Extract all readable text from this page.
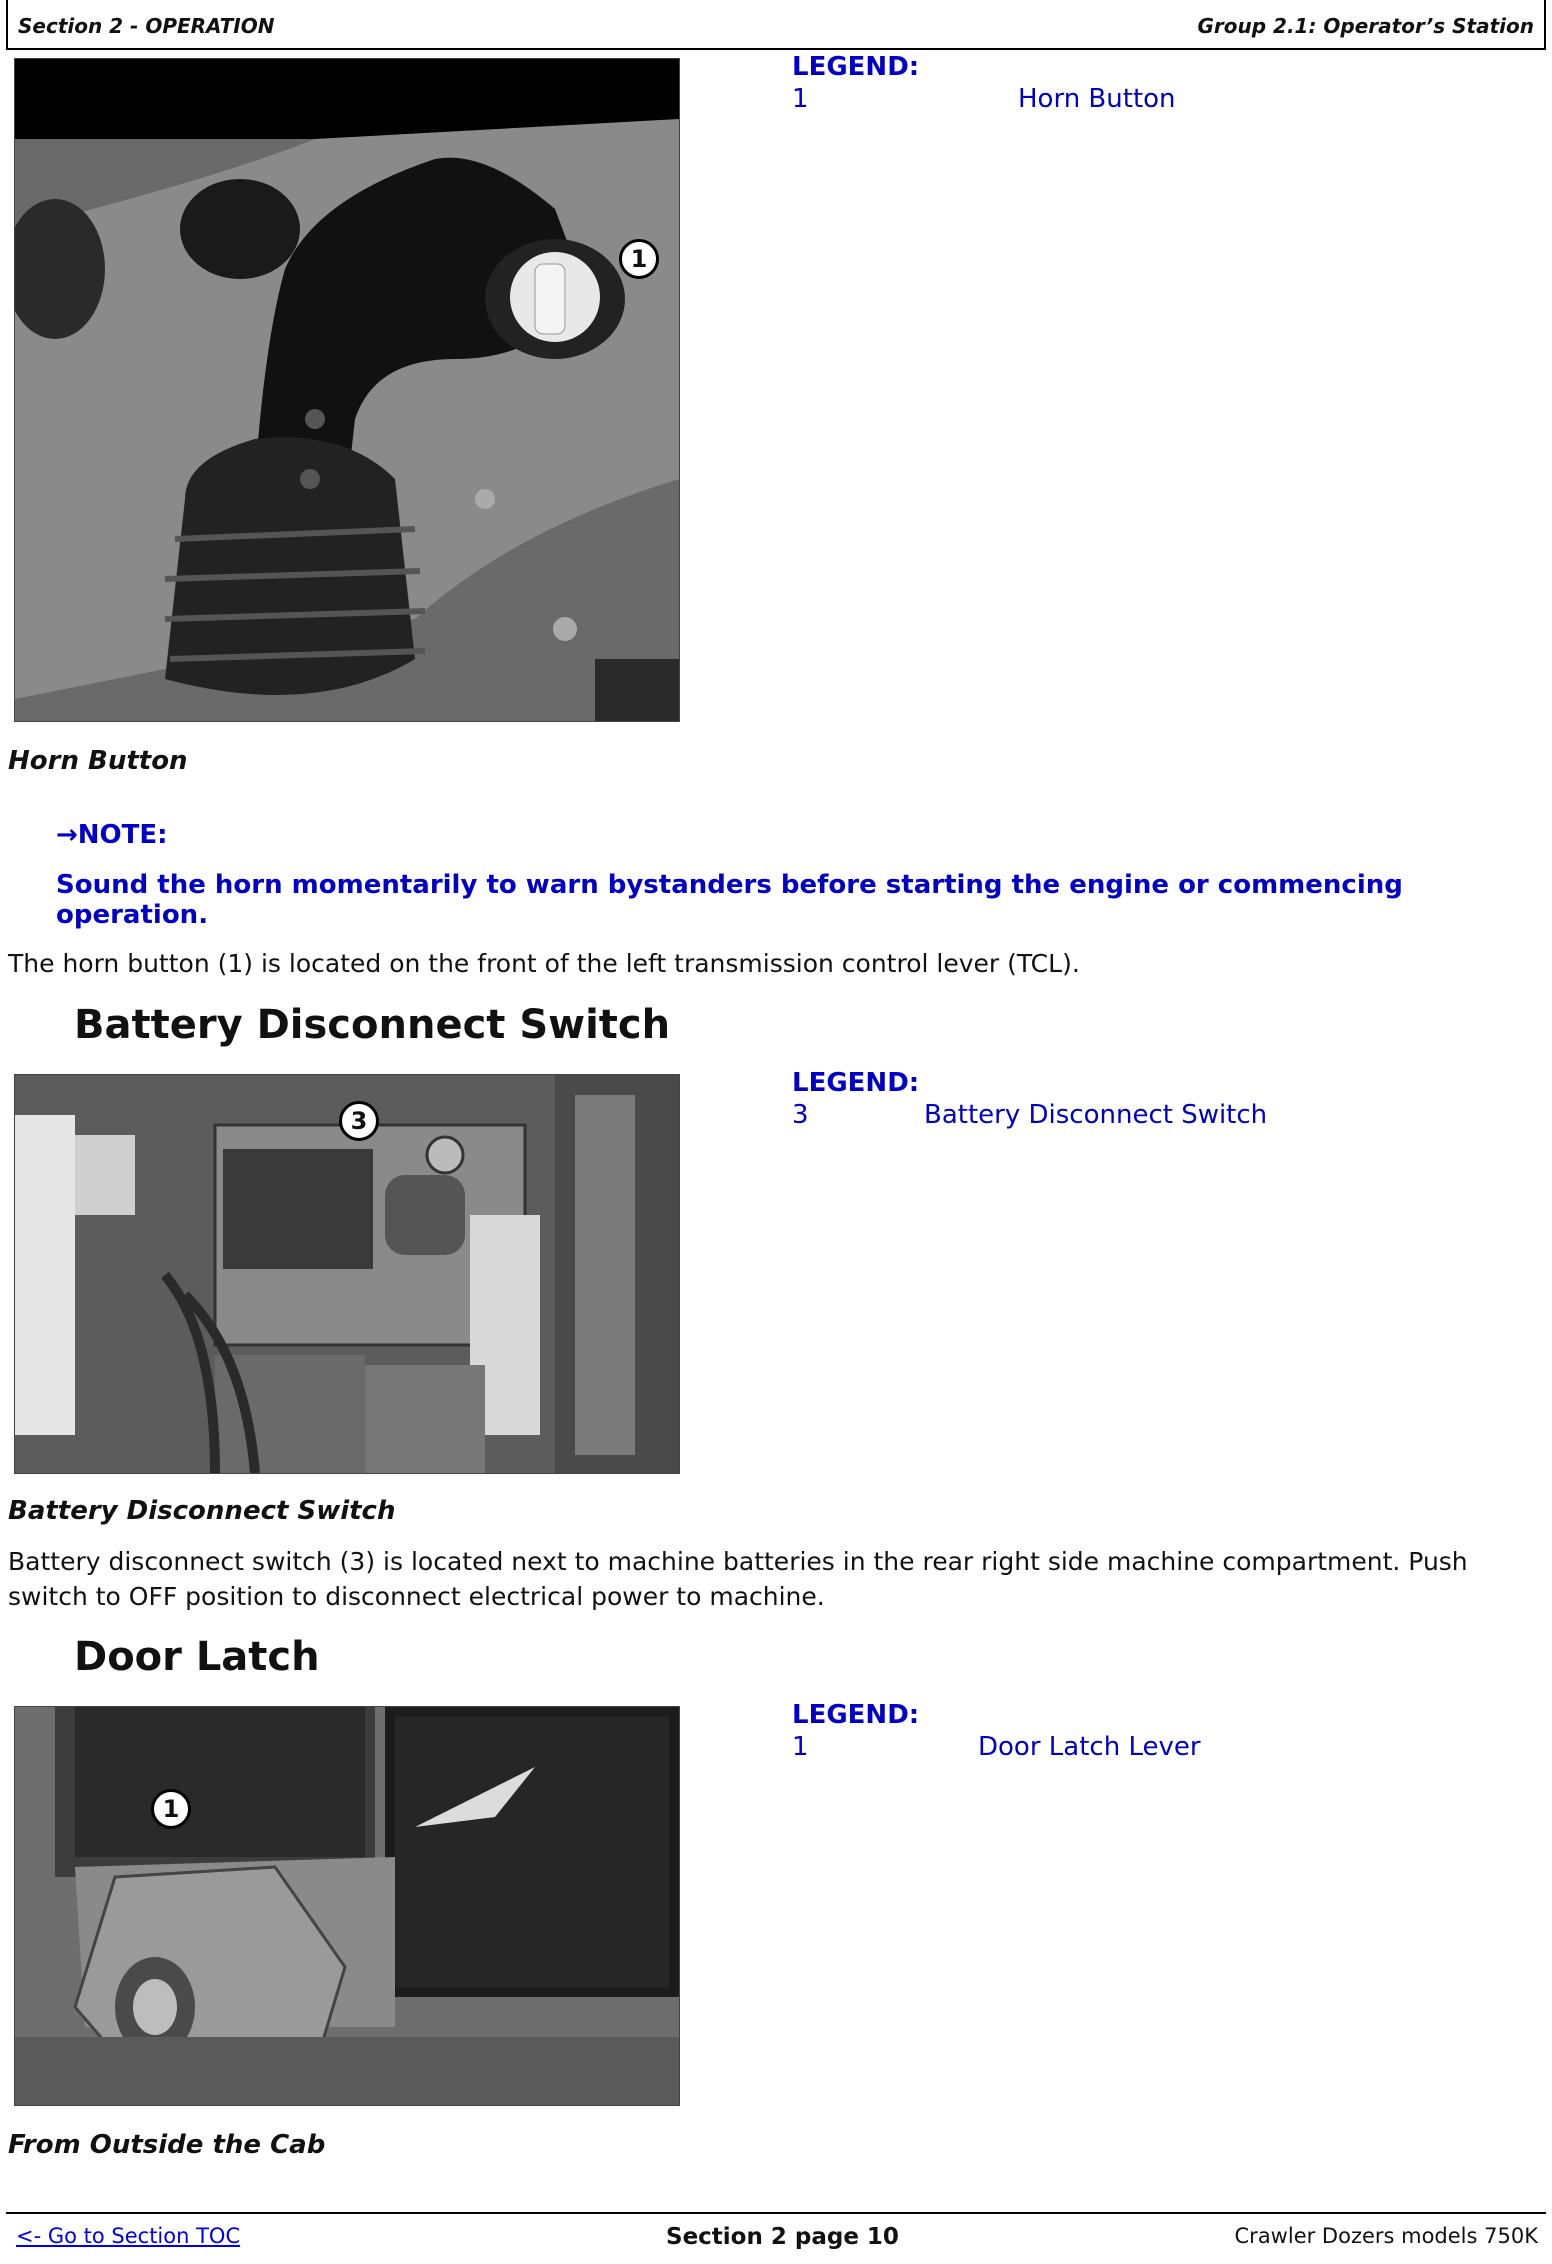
Section 2 - OPERATION	Group 2.1: Operator’s Station
1
LEGEND:
1	Horn Button
Horn Button
→NOTE:
Sound the horn momentarily to warn bystanders before starting the engine or commencing operation.
The horn button (1) is located on the front of the left transmission control lever (TCL).
Battery Disconnect Switch
3
LEGEND:
3	Battery Disconnect Switch
Battery Disconnect Switch
Battery disconnect switch (3) is located next to machine batteries in the rear right side machine compartment. Push switch to OFF position to disconnect electrical power to machine.
Door Latch
1
LEGEND:
1	Door Latch Lever
From Outside the Cab
<- Go to Section TOC	Section 2 page 10	Crawler Dozers models 750K
